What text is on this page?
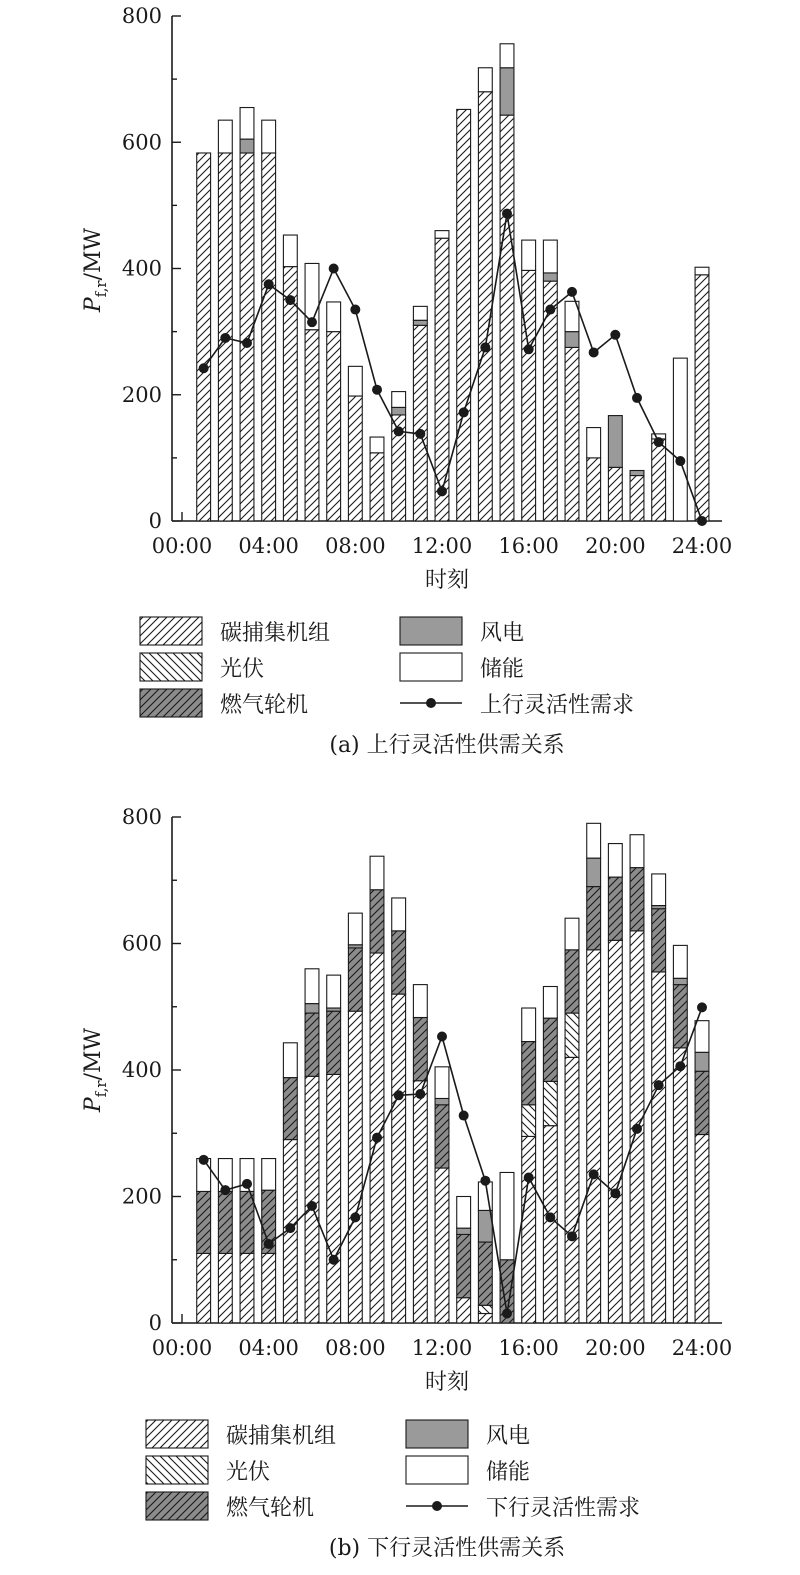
0
200
400
600
800
00:00 04:00 08:00 12:00 16:00 20:00 24:00
$P_{f,r}/MW$
时刻
碳捕集机组	风电
光伏	储能
燃气轮机	上行灵活性需求
(a) 上行灵活性供需关系
0
200
400
600
800
00:00 04:00 08:00 12:00 16:00 20:00 24:00
$P_{f,r}/MW$
时刻
碳捕集机组	风电
光伏	储能
燃气轮机	下行灵活性需求
(b) 下行灵活性供需关系
